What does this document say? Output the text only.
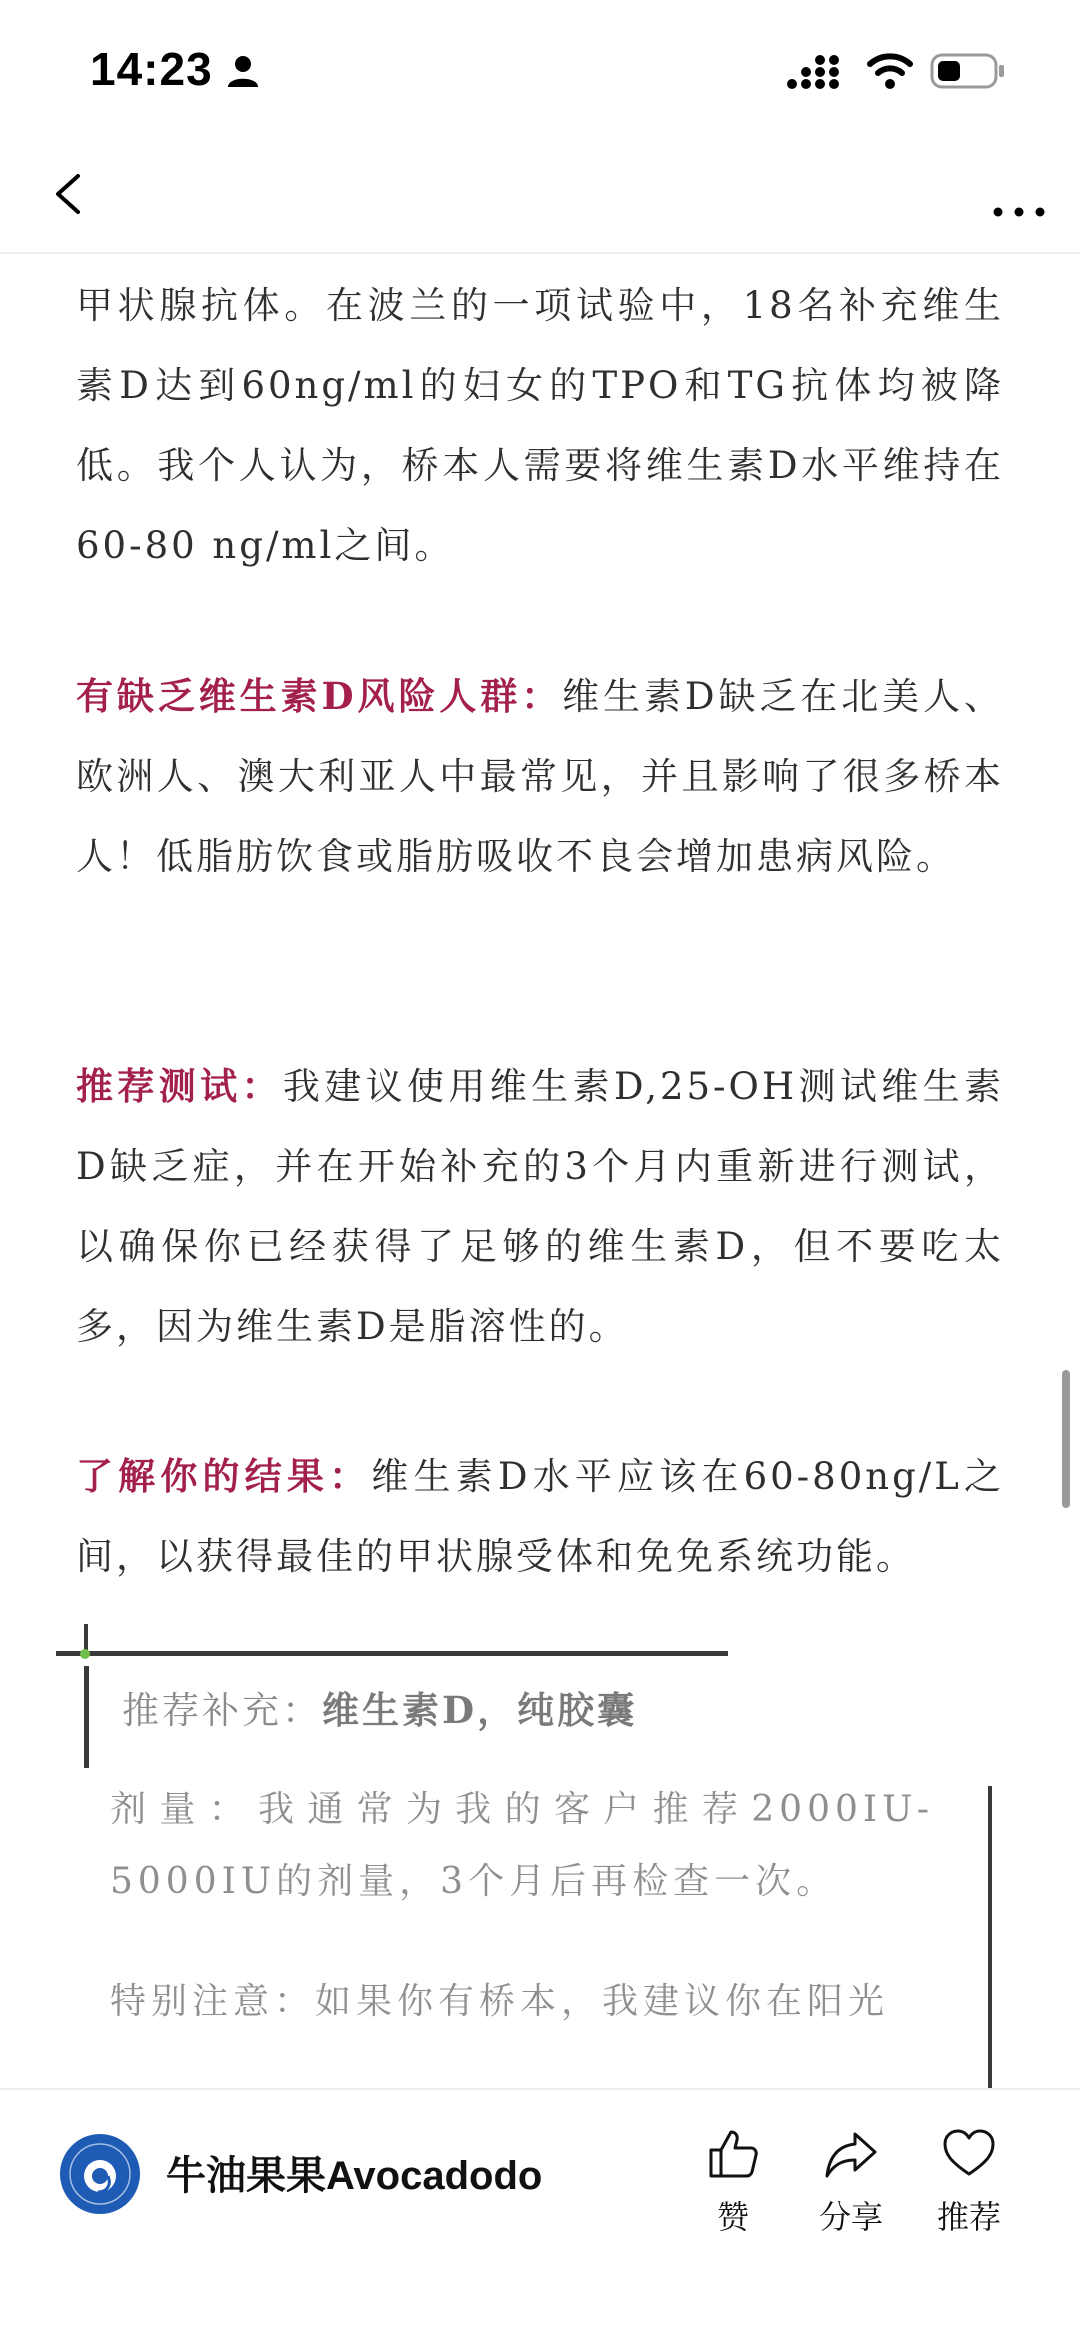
14:23

甲状腺抗体。在波兰的一项试验中，18名补充维生素D达到60ng/ml的妇女的TPO和TG抗体均被降低。我个人认为，桥本人需要将维生素D水平维持在60-80 ng/ml之间。

有缺乏维生素D风险人群：维生素D缺乏在北美人、欧洲人、澳大利亚人中最常见，并且影响了很多桥本人！低脂肪饮食或脂肪吸收不良会增加患病风险。

推荐测试：我建议使用维生素D,25-OH测试维生素D缺乏症，并在开始补充的3个月内重新进行测试，以确保你已经获得了足够的维生素D，但不要吃太多，因为维生素D是脂溶性的。

了解你的结果：维生素D水平应该在60-80ng/L之间，以获得最佳的甲状腺受体和免免系统功能。

推荐补充：维生素D，纯胶囊

剂量：我通常为我的客户推荐2000IU-5000IU的剂量，3个月后再检查一次。

特别注意：如果你有桥本，我建议你在阳光

牛油果果Avocadodo
赞	分享	推荐
